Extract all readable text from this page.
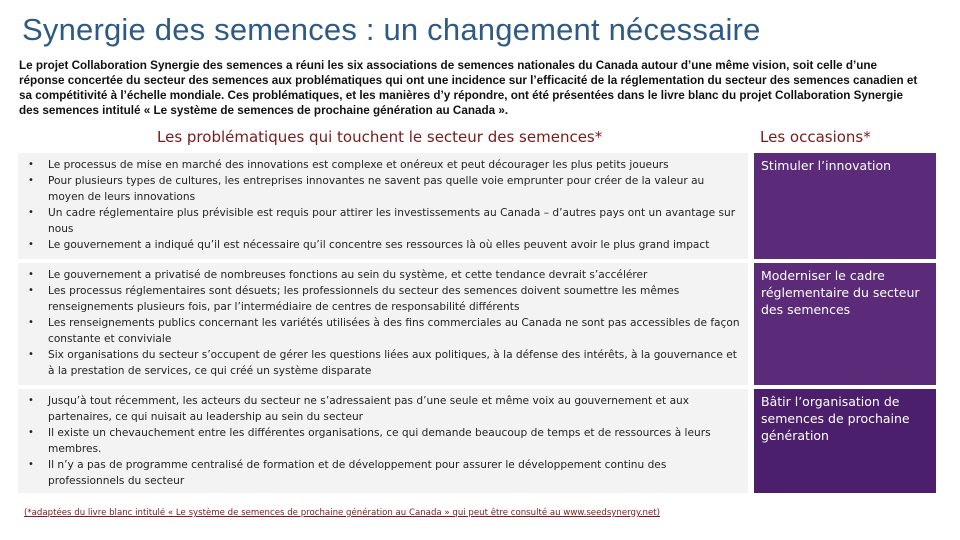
Synergie des semences : un changement nécessaire
Le projet Collaboration Synergie des semences a réuni les six associations de semences nationales du Canada autour d’une même vision, soit celle d’une réponse concertée du secteur des semences aux problématiques qui ont une incidence sur l’efficacité de la réglementation du secteur des semences canadien et sa compétitivité à l’échelle mondiale. Ces problématiques, et les manières d’y répondre, ont été présentées dans le livre blanc du projet Collaboration Synergie des semences intitulé « Le système de semences de prochaine génération au Canada ».
Les problématiques qui touchent le secteur des semences*	Les occasions*
• Le processus de mise en marché des innovations est complexe et onéreux et peut décourager les plus petits joueurs
• Pour plusieurs types de cultures, les entreprises innovantes ne savent pas quelle voie emprunter pour créer de la valeur au moyen de leurs innovations
• Un cadre réglementaire plus prévisible est requis pour attirer les investissements au Canada – d’autres pays ont un avantage sur nous
• Le gouvernement a indiqué qu’il est nécessaire qu’il concentre ses ressources là où elles peuvent avoir le plus grand impact
Stimuler l’innovation
• Le gouvernement a privatisé de nombreuses fonctions au sein du système, et cette tendance devrait s’accélérer
• Les processus réglementaires sont désuets; les professionnels du secteur des semences doivent soumettre les mêmes renseignements plusieurs fois, par l’intermédiaire de centres de responsabilité différents
• Les renseignements publics concernant les variétés utilisées à des fins commerciales au Canada ne sont pas accessibles de façon constante et conviviale
• Six organisations du secteur s’occupent de gérer les questions liées aux politiques, à la défense des intérêts, à la gouvernance et à la prestation de services, ce qui créé un système disparate
Moderniser le cadre réglementaire du secteur des semences
• Jusqu’à tout récemment, les acteurs du secteur ne s’adressaient pas d’une seule et même voix au gouvernement et aux partenaires, ce qui nuisait au leadership au sein du secteur
• Il existe un chevauchement entre les différentes organisations, ce qui demande beaucoup de temps et de ressources à leurs membres.
• Il n’y a pas de programme centralisé de formation et de développement pour assurer le développement continu des professionnels du secteur
Bâtir l’organisation de semences de prochaine génération
(*adaptées du livre blanc intitulé « Le système de semences de prochaine génération au Canada » qui peut être consulté au www.seedsynergy.net)
